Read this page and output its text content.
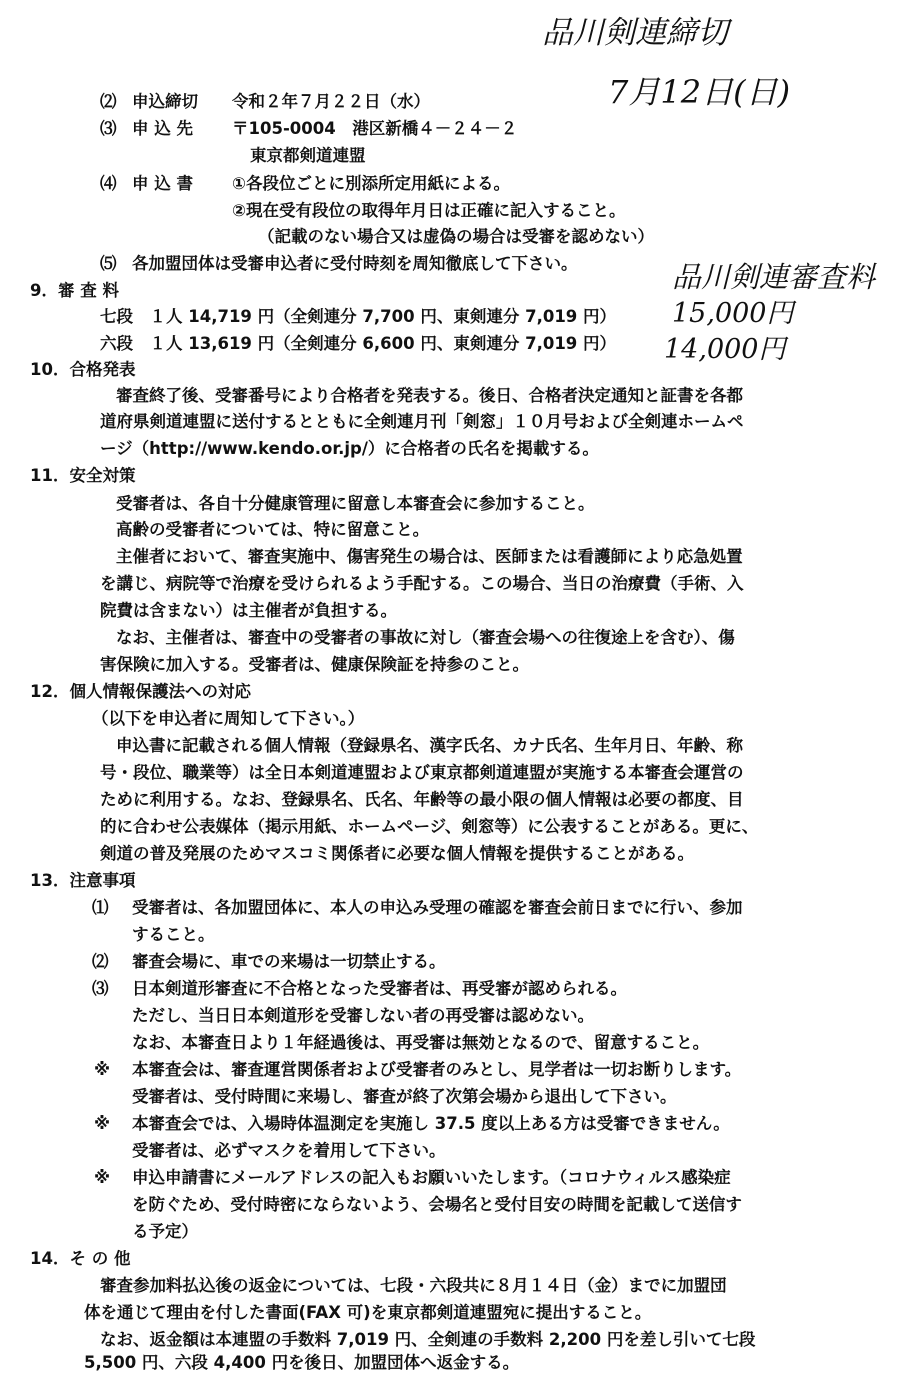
品川剣連締切
7月12日(日)
品川剣連審査料
15,000円
14,000円
⑵ 申込締切 令和２年７月２２日（水）
⑶ 申 込 先 〒105-0004　港区新橋４－２４－２
東京都剣道連盟
⑷ 申 込 書 ①各段位ごとに別添所定用紙による。
②現在受有段位の取得年月日は正確に記入すること。
（記載のない場合又は虚偽の場合は受審を認めない）
⑸ 各加盟団体は受審申込者に受付時刻を周知徹底して下さい。
9．審 査 料
七段　１人 14,719 円（全剣連分 7,700 円、東剣連分 7,019 円）
六段　１人 13,619 円（全剣連分 6,600 円、東剣連分 7,019 円）
10．合格発表
審査終了後、受審番号により合格者を発表する。後日、合格者決定通知と証書を各都
道府県剣道連盟に送付するとともに全剣連月刊「剣窓」１０月号および全剣連ホームペ
ージ（http://www.kendo.or.jp/）に合格者の氏名を掲載する。
11．安全対策
受審者は、各自十分健康管理に留意し本審査会に参加すること。
高齢の受審者については、特に留意こと。
主催者において、審査実施中、傷害発生の場合は、医師または看護師により応急処置
を講じ、病院等で治療を受けられるよう手配する。この場合、当日の治療費（手術、入
院費は含まない）は主催者が負担する。
なお、主催者は、審査中の受審者の事故に対し（審査会場への往復途上を含む）、傷
害保険に加入する。受審者は、健康保険証を持参のこと。
12．個人情報保護法への対応
（以下を申込者に周知して下さい。）
申込書に記載される個人情報（登録県名、漢字氏名、カナ氏名、生年月日、年齢、称
号・段位、職業等）は全日本剣道連盟および東京都剣道連盟が実施する本審査会運営の
ために利用する。なお、登録県名、氏名、年齢等の最小限の個人情報は必要の都度、目
的に合わせ公表媒体（掲示用紙、ホームページ、剣窓等）に公表することがある。更に、
剣道の普及発展のためマスコミ関係者に必要な個人情報を提供することがある。
13．注意事項
⑴ 受審者は、各加盟団体に、本人の申込み受理の確認を審査会前日までに行い、参加
すること。
⑵ 審査会場に、車での来場は一切禁止する。
⑶ 日本剣道形審査に不合格となった受審者は、再受審が認められる。
ただし、当日日本剣道形を受審しない者の再受審は認めない。
なお、本審査日より１年経過後は、再受審は無効となるので、留意すること。
※ 本審査会は、審査運営関係者および受審者のみとし、見学者は一切お断りします。
受審者は、受付時間に来場し、審査が終了次第会場から退出して下さい。
※ 本審査会では、入場時体温測定を実施し 37.5 度以上ある方は受審できません。
受審者は、必ずマスクを着用して下さい。
※ 申込申請書にメールアドレスの記入もお願いいたします。（コロナウィルス感染症
を防ぐため、受付時密にならないよう、会場名と受付目安の時間を記載して送信す
る予定）
14．そ の 他
審査参加料払込後の返金については、七段・六段共に８月１４日（金）までに加盟団
体を通じて理由を付した書面(FAX 可)を東京都剣道連盟宛に提出すること。
なお、返金額は本連盟の手数料 7,019 円、全剣連の手数料 2,200 円を差し引いて七段
5,500 円、六段 4,400 円を後日、加盟団体へ返金する。
